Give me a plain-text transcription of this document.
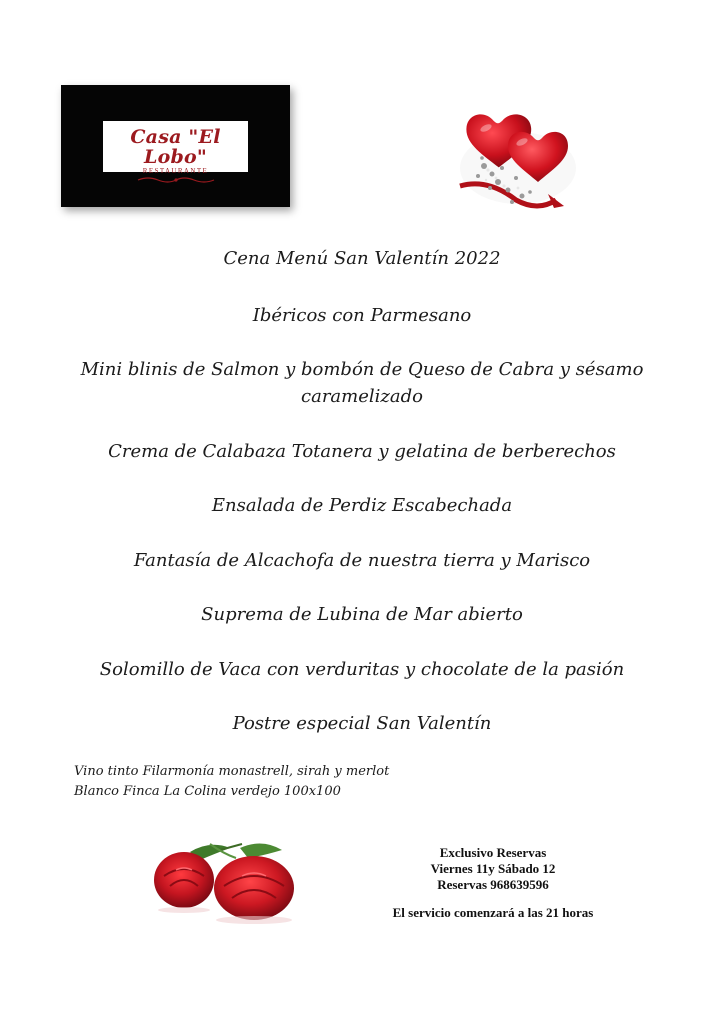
Casa "El Lobo"
RESTAURANTE
Cena Menú San Valentín 2022
Ibéricos con Parmesano
Mini blinis de Salmon y bombón de Queso de Cabra y sésamo
caramelizado
Crema de Calabaza Totanera y gelatina de berberechos
Ensalada de Perdiz Escabechada
Fantasía de Alcachofa de nuestra tierra y Marisco
Suprema de Lubina de Mar abierto
Solomillo de Vaca con verduritas y chocolate de la pasión
Postre especial San Valentín
Vino tinto Filarmonía monastrell, sirah y merlot
Blanco Finca La Colina verdejo 100x100
Exclusivo Reservas
Viernes 11y Sábado 12
Reservas 968639596
El servicio comenzará a las 21 horas
